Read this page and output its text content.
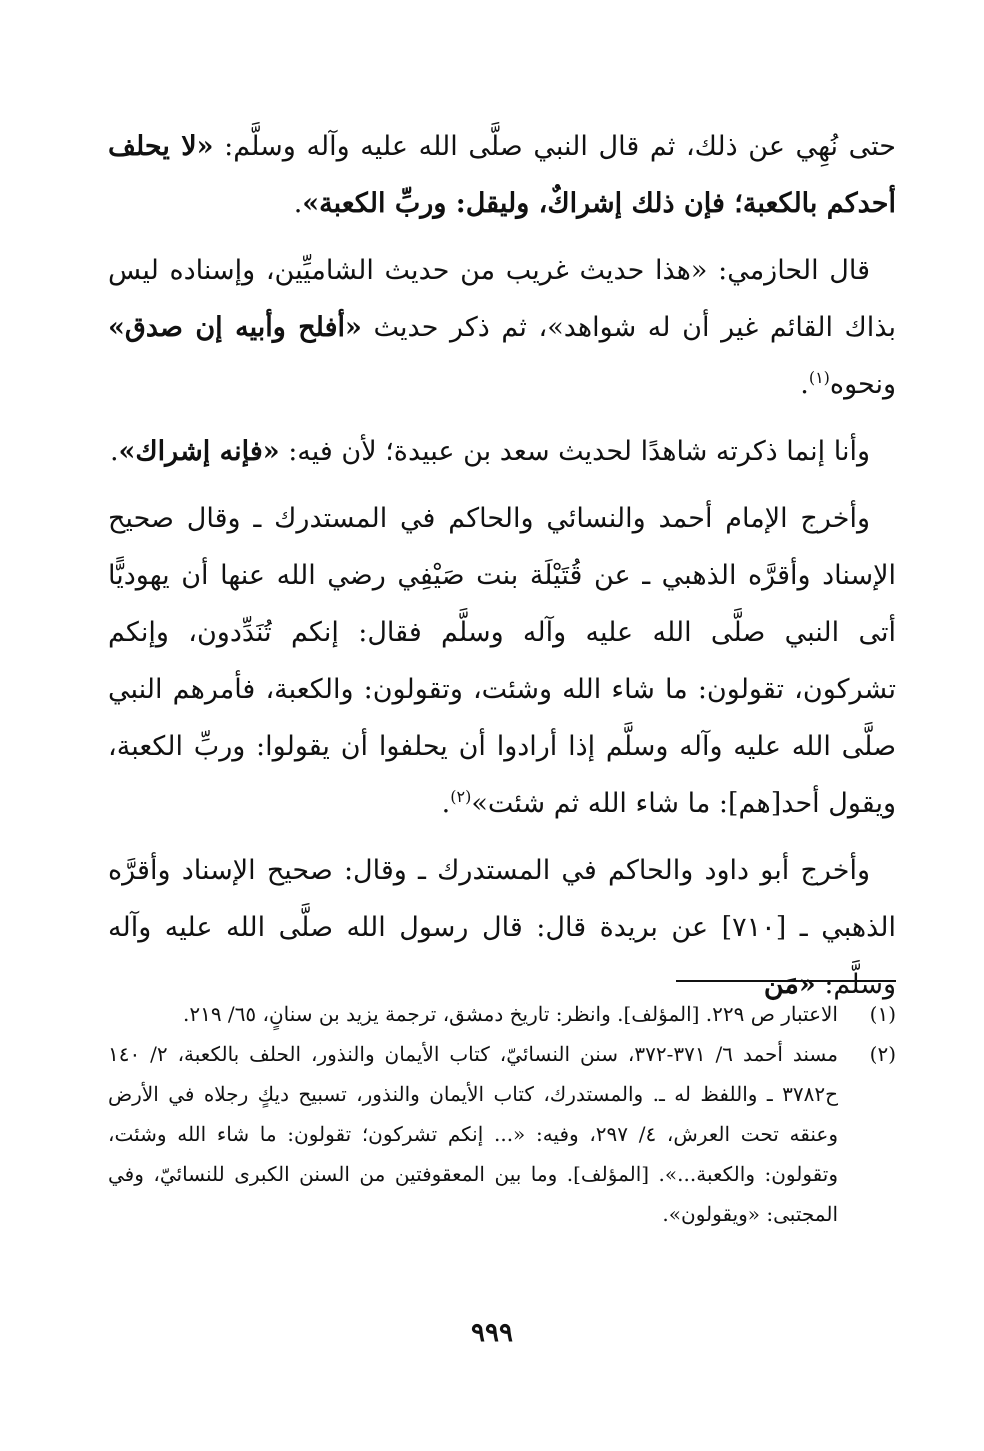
حتى نُهِي عن ذلك، ثم قال النبي صلَّى الله عليه وآله وسلَّم: «لا يحلف أحدكم بالكعبة؛ فإن ذلك إشراكٌ، وليقل: وربِّ الكعبة».

قال الحازمي: «هذا حديث غريب من حديث الشاميِّين، وإسناده ليس بذاك القائم غير أن له شواهد»، ثم ذكر حديث «أفلح وأبيه إن صدق» ونحوه$^{(١)}$.

وأنا إنما ذكرته شاهدًا لحديث سعد بن عبيدة؛ لأن فيه: «فإنه إشراك».

وأخرج الإمام أحمد والنسائي والحاكم في المستدرك ـ وقال صحيح الإسناد وأقرَّه الذهبي ـ عن قُتَيْلَة بنت صَيْفِي رضي الله عنها أن يهوديًّا أتى النبي صلَّى الله عليه وآله وسلَّم فقال: إنكم تُنَدِّدون، وإنكم تشركون، تقولون: ما شاء الله وشئت، وتقولون: والكعبة، فأمرهم النبي صلَّى الله عليه وآله وسلَّم إذا أرادوا أن يحلفوا أن يقولوا: وربِّ الكعبة، ويقول أحد[هم]: ما شاء الله ثم شئت»$^{(٢)}$.

وأخرج أبو داود والحاكم في المستدرك ـ وقال: صحيح الإسناد وأقرَّه الذهبي ـ [٧١٠] عن بريدة قال: قال رسول الله صلَّى الله عليه وآله وسلَّم: «مَن

(١)
الاعتبار ص ٢٢٩. [المؤلف]. وانظر: تاريخ دمشق، ترجمة يزيد بن سنانٍ، ٦٥/ ٢١٩.
(٢)
مسند أحمد ٦/ ٣٧١-٣٧٢، سنن النسائيّ، كتاب الأيمان والنذور، الحلف بالكعبة، ٢/ ١٤٠ ح٣٧٨٢ ـ واللفظ له ـ. والمستدرك، كتاب الأيمان والنذور، تسبيح ديكٍ رجلاه في الأرض وعنقه تحت العرش، ٤/ ٢٩٧، وفيه: «... إنكم تشركون؛ تقولون: ما شاء الله وشئت، وتقولون: والكعبة...». [المؤلف]. وما بين المعقوفتين من السنن الكبرى للنسائيّ، وفي المجتبى: «ويقولون».
٩٩٩
